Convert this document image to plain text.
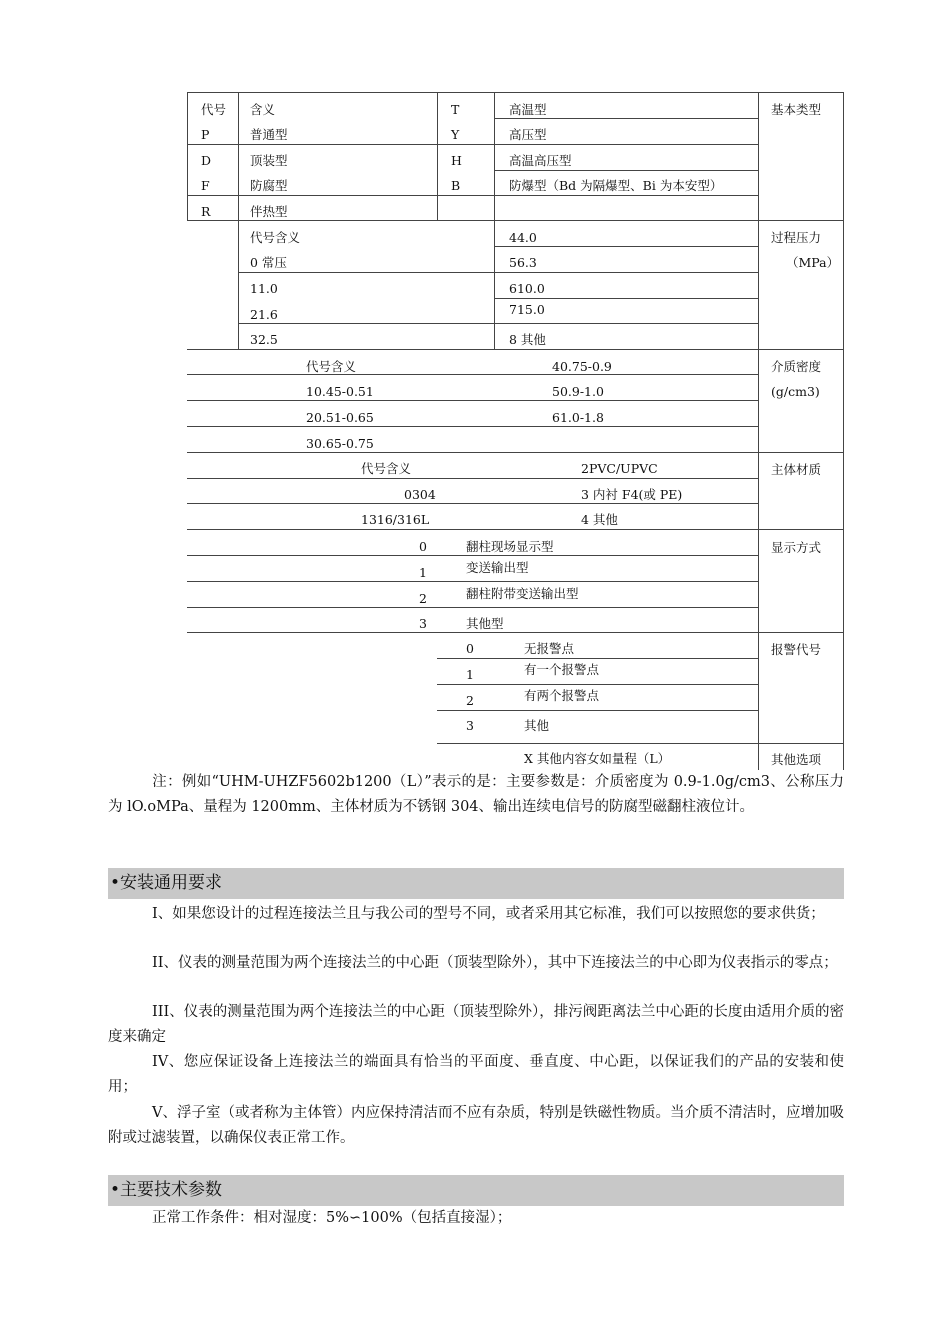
代号 含义	T	高温型	基本类型
P	普通型	Y	高压型
D	顶装型	H	高温高压型
F	防腐型	B	防爆型（Bd 为隔爆型、Bi 为本安型）
R	伴热型
代号含义	44.0	过程压力
（MPa）
0 常压	56.3
11.0	610.0
21.6	715.0
32.5	8 其他
代号含义	40.75-0.9	介质密度
(g/cm3)
10.45-0.51	50.9-1.0
20.51-0.65	61.0-1.8
30.65-0.75
代号含义	2PVC/UPVC	主体材质
0304	3 内衬 F4(或 PE)
1316/316L	4 其他
0	翻柱现场显示型	显示方式
1	变送输出型
2	翻柱附带变送输出型
3	其他型
0	无报警点	报警代号
1	有一个报警点
2	有两个报警点
3	其他
X 其他内容女如量程（L）	其他选项
注：例如“UHM-UHZF5602b1200（L）”表示的是：主要参数是：介质密度为 0.9-1.0g/cm3、公称压力为 lO.oMPa、量程为 1200mm、主体材质为不锈钢 304、输出连续电信号的防腐型磁翻柱液位计。
•安装通用要求
I、如果您设计的过程连接法兰且与我公司的型号不同，或者采用其它标准，我们可以按照您的要求供货；
II、仪表的测量范围为两个连接法兰的中心距（顶装型除外），其中下连接法兰的中心即为仪表指示的零点；
III、仪表的测量范围为两个连接法兰的中心距（顶装型除外），排污阀距离法兰中心距的长度由适用介质的密度来确定
IV、您应保证设备上连接法兰的端面具有恰当的平面度、垂直度、中心距，以保证我们的产品的安装和使用；
V、浮子室（或者称为主体管）内应保持清洁而不应有杂质，特别是铁磁性物质。当介质不清洁时，应增加吸附或过滤装置，以确保仪表正常工作。
•主要技术参数
正常工作条件：相对湿度：5%∽100%（包括直接湿）；
